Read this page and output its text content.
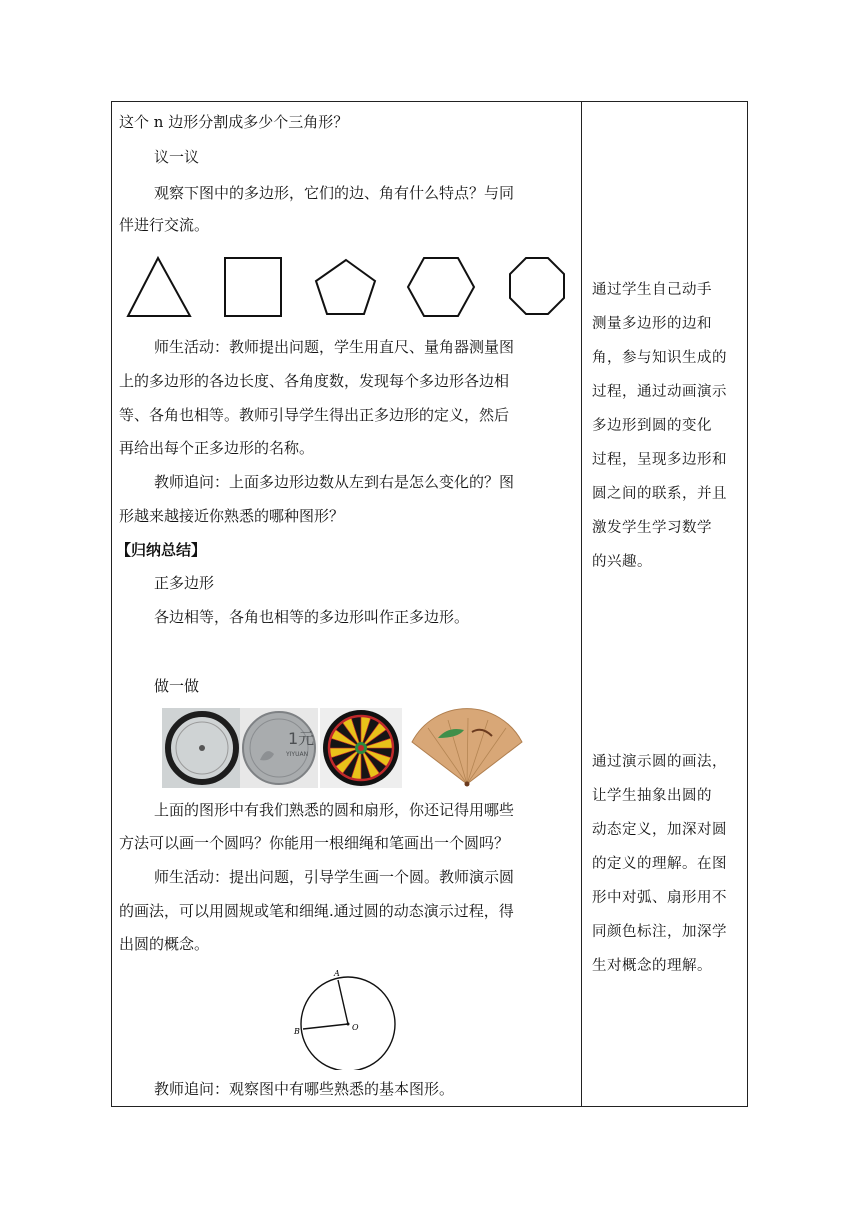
这个 n 边形分割成多少个三角形？
议一议
观察下图中的多边形，它们的边、角有什么特点？与同
伴进行交流。
师生活动：教师提出问题，学生用直尺、量角器测量图
上的多边形的各边长度、各角度数，发现每个多边形各边相
等、各角也相等。教师引导学生得出正多边形的定义，然后
再给出每个正多边形的名称。
教师追问：上面多边形边数从左到右是怎么变化的？图
形越来越接近你熟悉的哪种图形？
【归纳总结】
正多边形
各边相等，各角也相等的多边形叫作正多边形。
做一做
1元
YIYUAN
上面的图形中有我们熟悉的圆和扇形，你还记得用哪些
方法可以画一个圆吗？你能用一根细绳和笔画出一个圆吗？
师生活动：提出问题，引导学生画一个圆。教师演示圆
的画法，可以用圆规或笔和细绳.通过圆的动态演示过程，得
出圆的概念。
A
B	O
教师追问：观察图中有哪些熟悉的基本图形。
通过学生自己动手
测量多边形的边和
角，参与知识生成的
过程，通过动画演示
多边形到圆的变化
过程，呈现多边形和
圆之间的联系，并且
激发学生学习数学
的兴趣。
通过演示圆的画法，
让学生抽象出圆的
动态定义，加深对圆
的定义的理解。在图
形中对弧、扇形用不
同颜色标注，加深学
生对概念的理解。
